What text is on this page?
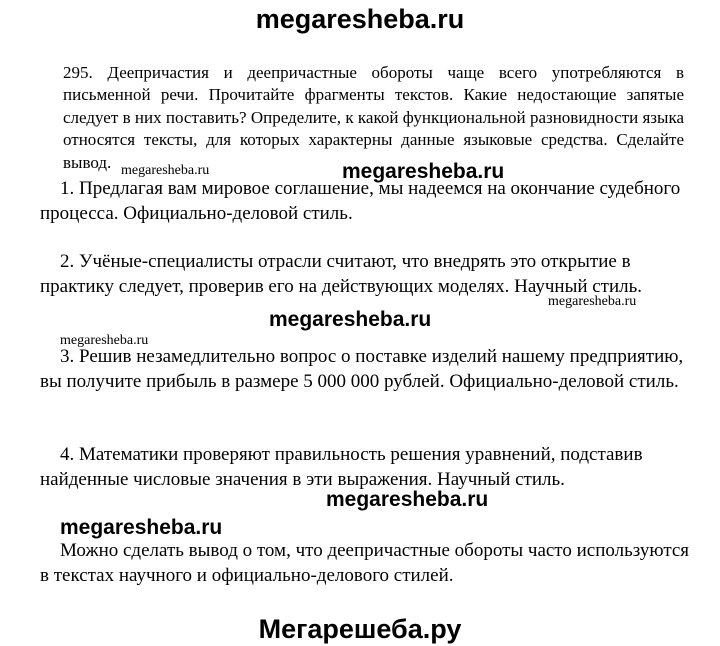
megaresheba.ru
295. Деепричастия и деепричастные обороты чаще всего употребляются в письменной речи. Прочитайте фрагменты текстов. Какие недостающие запятые следует в них поставить? Определите, к какой функциональной разновидности языка относятся тексты, для которых характерны данные языковые средства. Сделайте вывод.
1. Предлагая вам мировое соглашение, мы надеемся на окончание судебного процесса. Официально-деловой стиль.
2. Учёные-специалисты отрасли считают, что внедрять это открытие в практику следует, проверив его на действующих моделях. Научный стиль.
3. Решив незамедлительно вопрос о поставке изделий нашему предприятию, вы получите прибыль в размере 5 000 000 рублей. Официально-деловой стиль.
4. Математики проверяют правильность решения уравнений, подставив найденные числовые значения в эти выражения. Научный стиль.
Можно сделать вывод о том, что деепричастные обороты часто используются в текстах научного и официально-делового стилей.
megaresheba.ru
megaresheba.ru
megaresheba.ru
megaresheba.ru
megaresheba.ru
megaresheba.ru
megaresheba.ru
Мегарешеба.ру
